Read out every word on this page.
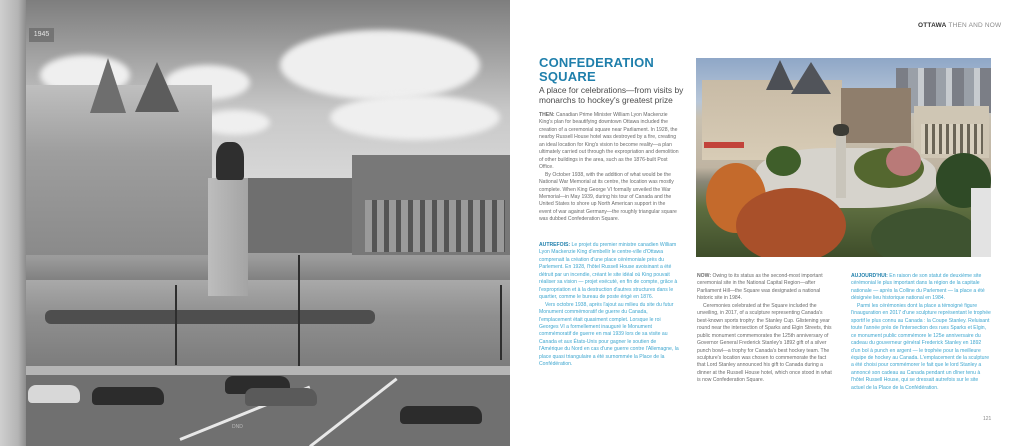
1945
DND
OTTAWA THEN AND NOW
CONFEDERATION
SQUARE
A place for celebrations—from visits by monarchs to hockey's greatest prize

THEN: Canadian Prime Minister William Lyon Mackenzie King's plan for beautifying downtown Ottawa included the creation of a ceremonial square near Parliament. In 1928, the nearby Russell House hotel was destroyed by a fire, creating an ideal location for King's vision to become reality—a plan ultimately carried out through the expropriation and demolition of other buildings in the area, such as the 1876-built Post Office.

By October 1938, with the addition of what would be the National War Memorial at its centre, the location was mostly complete. When King George VI formally unveiled the War Memorial—in May 1939, during his tour of Canada and the United States to shore up North American support in the event of war against Germany—the roughly triangular square was dubbed Confederation Square.

AUTREFOIS: Le projet du premier ministre canadien William Lyon Mackenzie King d'embellir le centre-ville d'Ottawa comprenait la création d'une place cérémoniale près du Parlement. En 1928, l'hôtel Russell House avoisinant a été détruit par un incendie, créant le site idéal où King pouvait réaliser sa vision — projet exécuté, en fin de compte, grâce à l'expropriation et à la destruction d'autres structures dans le quartier, comme le bureau de poste érigé en 1876.

Vers octobre 1938, après l'ajout au milieu du site du futur Monument commémoratif de guerre du Canada, l'emplacement était quasiment complet. Lorsque le roi Georges VI a formellement inauguré le Monument commémoratif de guerre en mai 1939 lors de sa visite au Canada et aux États-Unis pour gagner le soutien de l'Amérique du Nord en cas d'une guerre contre l'Allemagne, la place quasi triangulaire a été surnommée la Place de la Confédération.

NOW: Owing to its status as the second-most important ceremonial site in the National Capital Region—after Parliament Hill—the Square was designated a national historic site in 1984.

Ceremonies celebrated at the Square included the unveiling, in 2017, of a sculpture representing Canada's best-known sports trophy: the Stanley Cup. Glistening year round near the intersection of Sparks and Elgin Streets, this public monument commemorates the 125th anniversary of Governor General Frederick Stanley's 1892 gift of a silver punch bowl—a trophy for Canada's best hockey team. The sculpture's location was chosen to commemorate the fact that Lord Stanley announced his gift to Canada during a dinner at the Russell House hotel, which once stood in what is now Confederation Square.

AUJOURD'HUI: En raison de son statut de deuxième site cérémonial le plus important dans la région de la capitale nationale — après la Colline du Parlement — la place a été désignée lieu historique national en 1984.

Parmi les cérémonies dont la place a témoigné figure l'inauguration en 2017 d'une sculpture représentant le trophée sportif le plus connu au Canada : la Coupe Stanley. Reluisant toute l'année près de l'intersection des rues Sparks et Elgin, ce monument public commémore le 125e anniversaire du cadeau du gouverneur général Frederick Stanley en 1892 d'un bol à punch en argent — le trophée pour la meilleure équipe de hockey au Canada. L'emplacement de la sculpture a été choisi pour commémorer le fait que le lord Stanley a annoncé son cadeau au Canada pendant un dîner tenu à l'hôtel Russell House, qui se dressait autrefois sur le site actuel de la Place de la Confédération.

121
